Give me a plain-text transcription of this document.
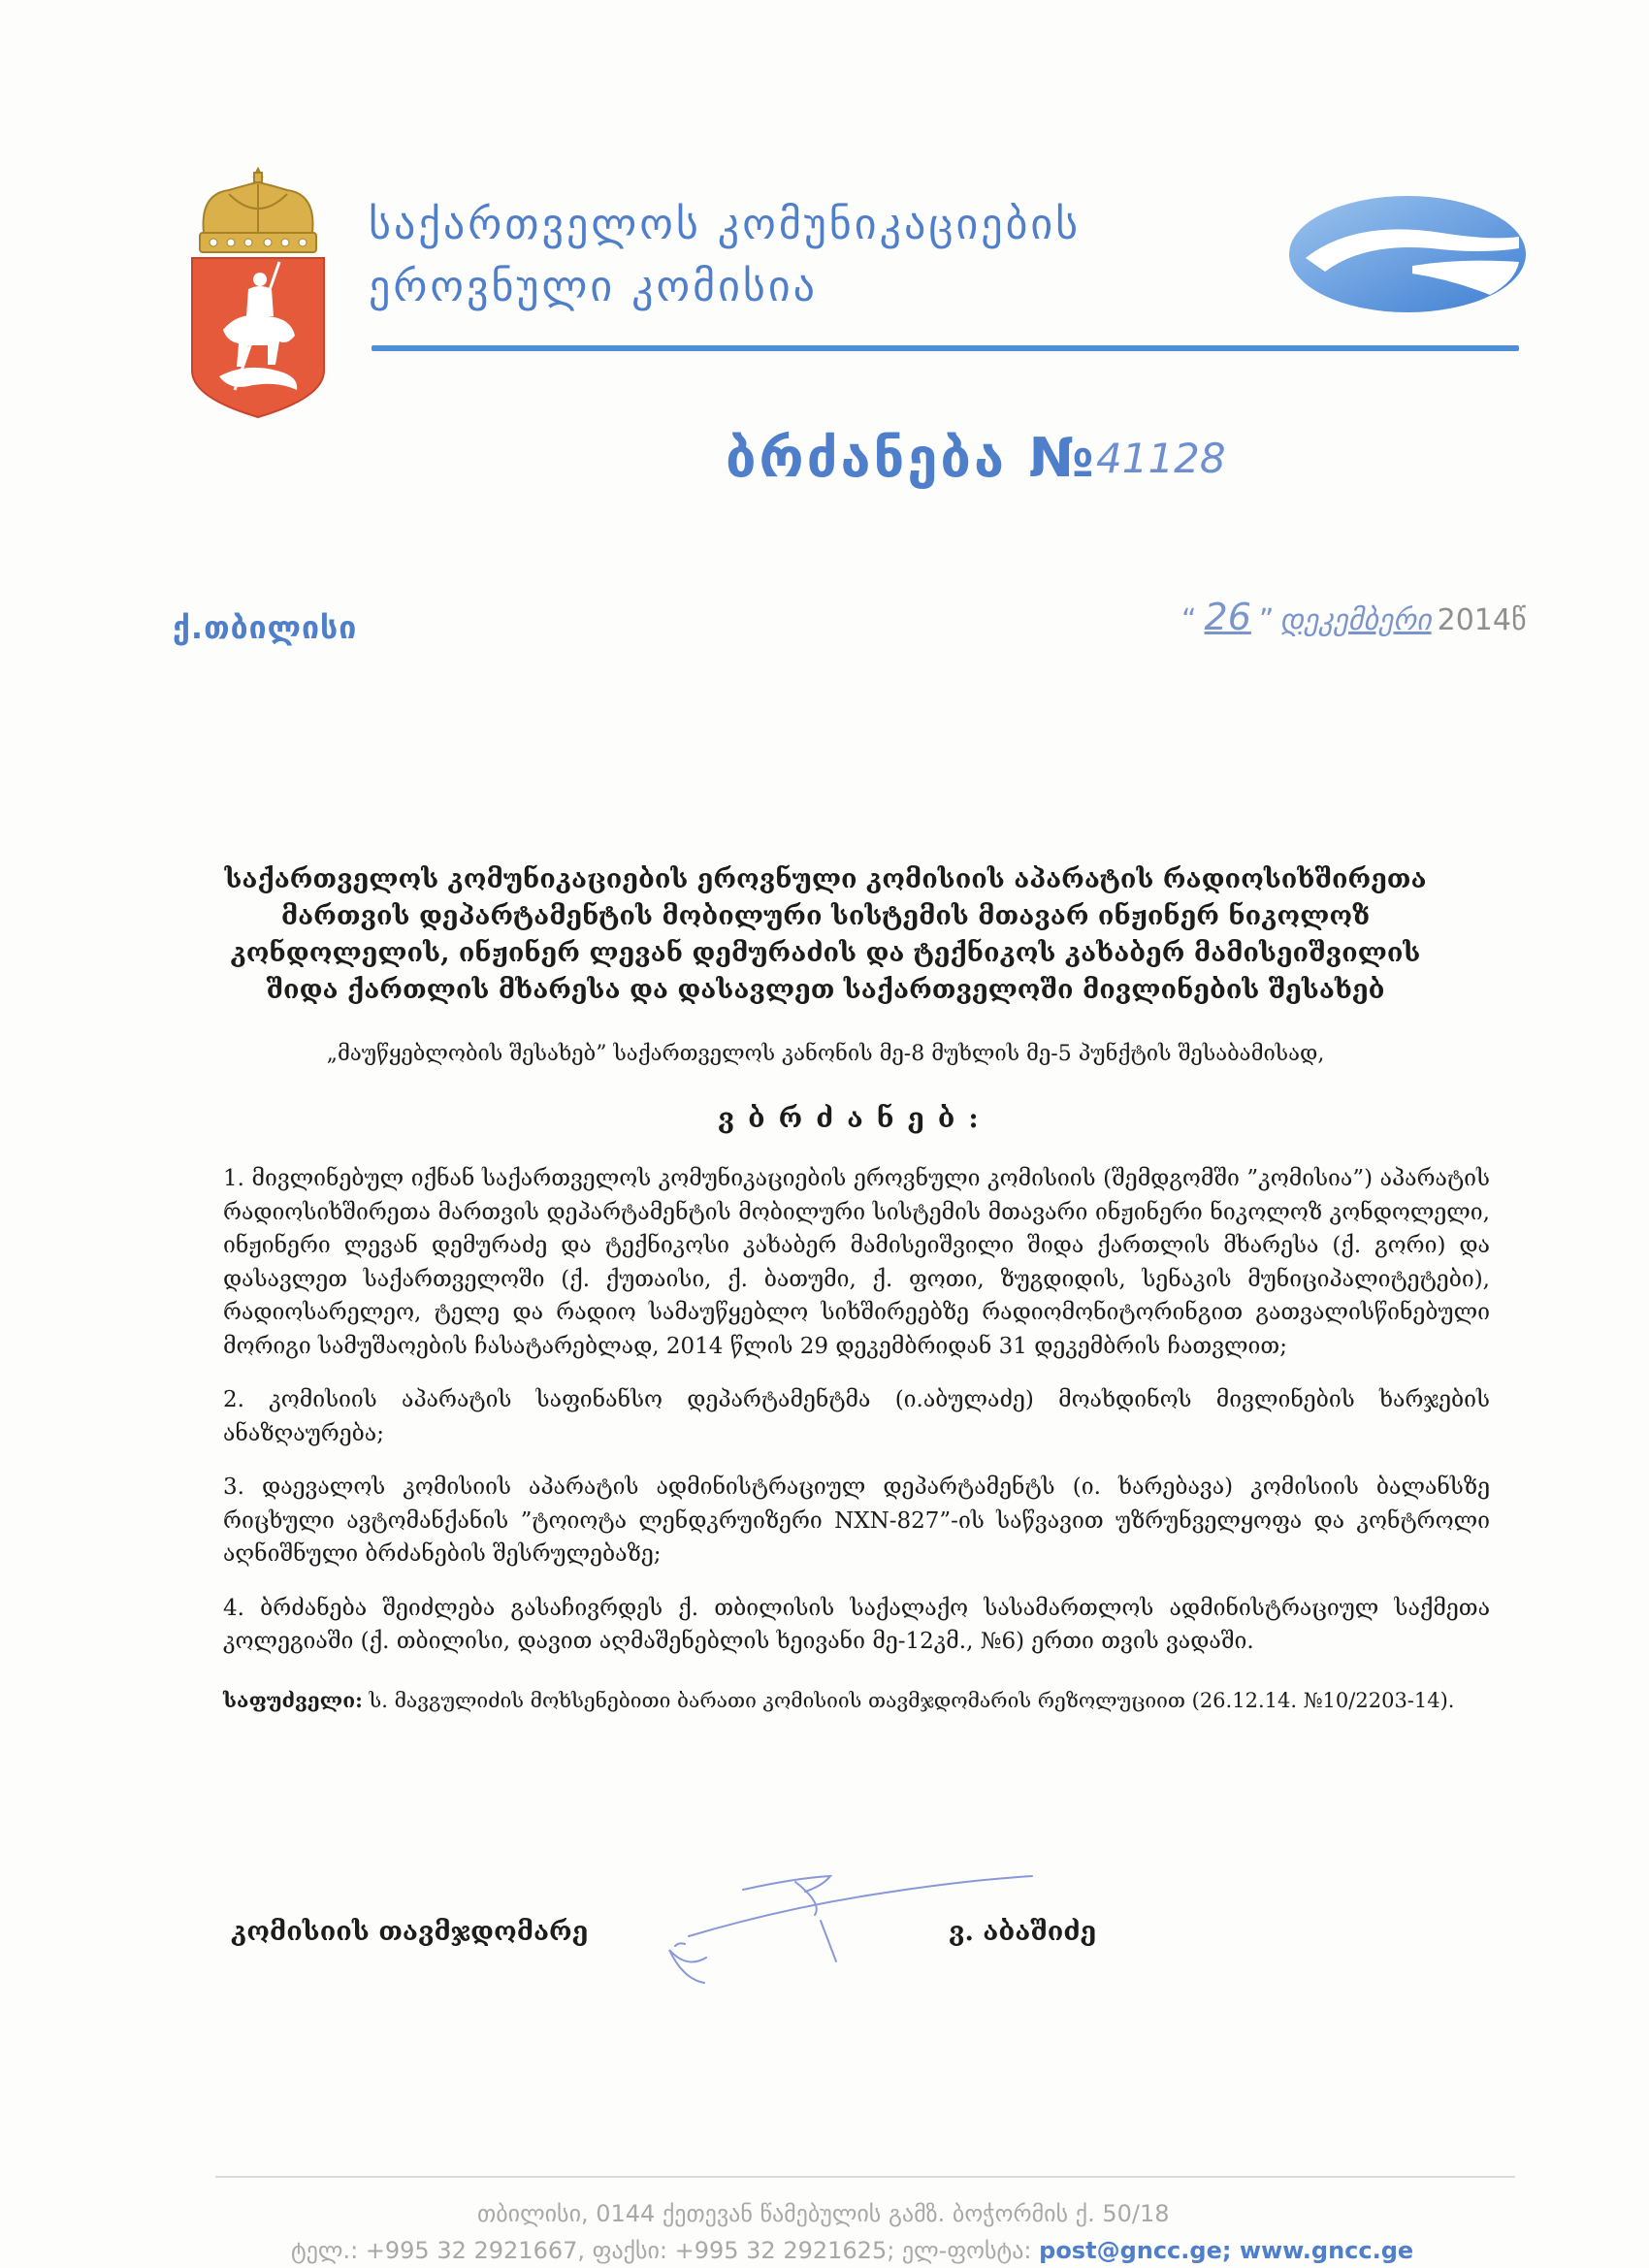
საქართველოს კომუნიკაციების
ეროვნული კომისია
ბრძანება № 41128
ქ.თბილისი	“ 26 ” დეკემბერი 2014წ
საქართველოს კომუნიკაციების ეროვნული კომისიის აპარატის რადიოსიხშირეთა მართვის დეპარტამენტის მობილური სისტემის მთავარ ინჟინერ ნიკოლოზ კონდოლელის, ინჟინერ ლევან დემურაძის და ტექნიკოს კახაბერ მამისეიშვილის შიდა ქართლის მხარესა და დასავლეთ საქართველოში მივლინების შესახებ
„მაუწყებლობის შესახებ” საქართველოს კანონის მე-8 მუხლის მე-5 პუნქტის შესაბამისად,
ვბრძანებ:

1. მივლინებულ იქნან საქართველოს კომუნიკაციების ეროვნული კომისიის (შემდგომში ”კომისია”) აპარატის რადიოსიხშირეთა მართვის დეპარტამენტის მობილური სისტემის მთავარი ინჟინერი ნიკოლოზ კონდოლელი, ინჟინერი ლევან დემურაძე და ტექნიკოსი კახაბერ მამისეიშვილი შიდა ქართლის მხარესა (ქ. გორი) და დასავლეთ საქართველოში (ქ. ქუთაისი, ქ. ბათუმი, ქ. ფოთი, ზუგდიდის, სენაკის მუნიციპალიტეტები), რადიოსარელეო, ტელე და რადიო სამაუწყებლო სიხშირეებზე რადიომონიტორინგით გათვალისწინებული მორიგი სამუშაოების ჩასატარებლად, 2014 წლის 29 დეკემბრიდან 31 დეკემბრის ჩათვლით;

2. კომისიის აპარატის საფინანსო დეპარტამენტმა (ი.აბულაძე) მოახდინოს მივლინების ხარჯების ანაზღაურება;

3. დაევალოს კომისიის აპარატის ადმინისტრაციულ დეპარტამენტს (ი. ხარებავა) კომისიის ბალანსზე რიცხული ავტომანქანის ”ტოიოტა ლენდკრუიზერი NXN-827”-ის საწვავით უზრუნველყოფა და კონტროლი აღნიშნული ბრძანების შესრულებაზე;

4. ბრძანება შეიძლება გასაჩივრდეს ქ. თბილისის საქალაქო სასამართლოს ადმინისტრაციულ საქმეთა კოლეგიაში (ქ. თბილისი, დავით აღმაშენებლის ხეივანი მე-12კმ., №6) ერთი თვის ვადაში.

საფუძველი: ს. მავგულიძის მოხსენებითი ბარათი კომისიის თავმჯდომარის რეზოლუციით (26.12.14. №10/2203-14).
კომისიის თავმჯდომარე	ვ. აბაშიძე
თბილისი, 0144 ქეთევან წამებულის გამზ. ბოჭორმის ქ. 50/18
ტელ.: +995 32 2921667, ფაქსი: +995 32 2921625; ელ-ფოსტა: post@gncc.ge; www.gncc.ge
